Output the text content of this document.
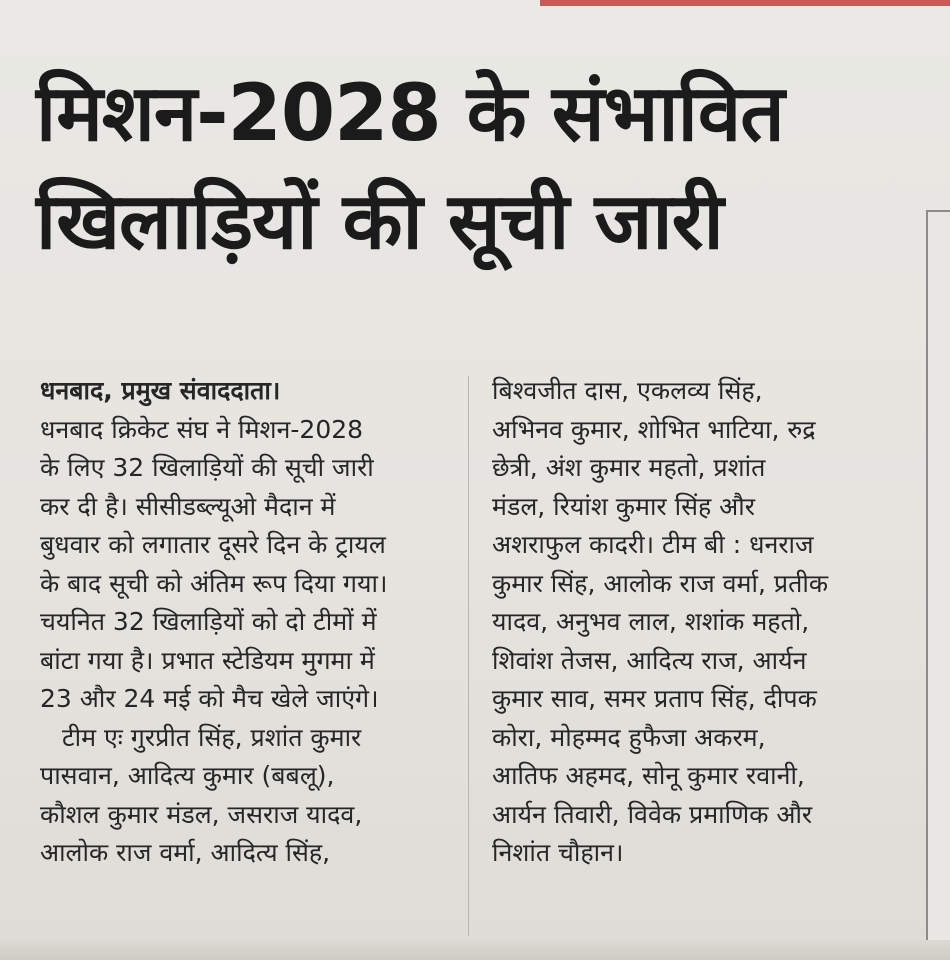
मिशन-2028 के संभावित
खिलाड़ियों की सूची जारी
धनबाद, प्रमुख संवाददाता।
धनबाद क्रिकेट संघ ने मिशन-2028
के लिए 32 खिलाड़ियों की सूची जारी
कर दी है। सीसीडब्ल्यूओ मैदान में
बुधवार को लगातार दूसरे दिन के ट्रायल
के बाद सूची को अंतिम रूप दिया गया।
चयनित 32 खिलाड़ियों को दो टीमों में
बांटा गया है। प्रभात स्टेडियम मुगमा में
23 और 24 मई को मैच खेले जाएंगे।
टीम एः गुरप्रीत सिंह, प्रशांत कुमार
पासवान, आदित्य कुमार (बबलू),
कौशल कुमार मंडल, जसराज यादव,
आलोक राज वर्मा, आदित्य सिंह,
बिश्वजीत दास, एकलव्य सिंह,
अभिनव कुमार, शोभित भाटिया, रुद्र
छेत्री, अंश कुमार महतो, प्रशांत
मंडल, रियांश कुमार सिंह और
अशराफुल कादरी। टीम बी : धनराज
कुमार सिंह, आलोक राज वर्मा, प्रतीक
यादव, अनुभव लाल, शशांक महतो,
शिवांश तेजस, आदित्य राज, आर्यन
कुमार साव, समर प्रताप सिंह, दीपक
कोरा, मोहम्मद हुफैजा अकरम,
आतिफ अहमद, सोनू कुमार रवानी,
आर्यन तिवारी, विवेक प्रमाणिक और
निशांत चौहान।
